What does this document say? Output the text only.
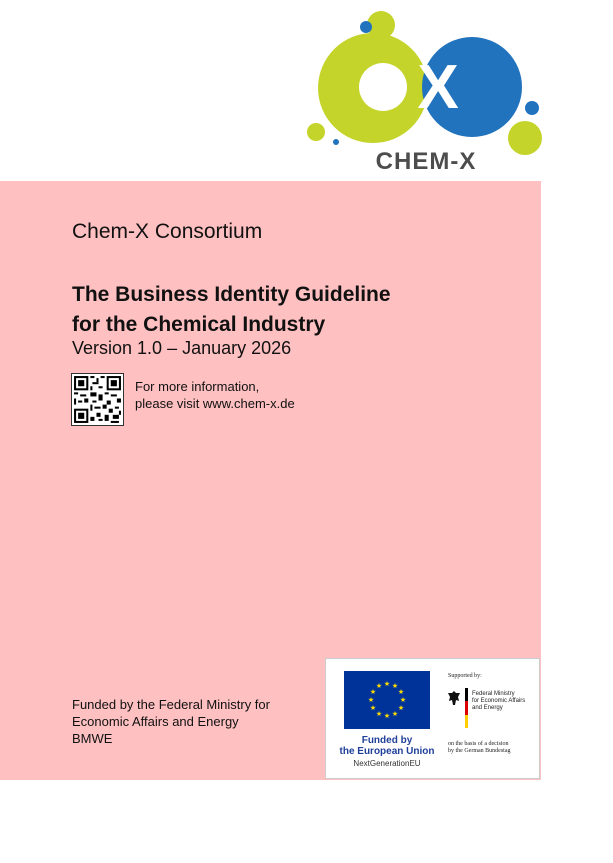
X
CHEM-X
Chem-X Consortium
The Business Identity Guideline
for the Chemical Industry
Version 1.0 – January 2026
For more information,
please visit www.chem-x.de
Funded by the Federal Ministry for
Economic Affairs and Energy
BMWE
★ ★
★
★
★
★
★
★
★
★
★
★
Funded by
the European Union
NextGenerationEU
Supported by:
Federal Ministry
for Economic Affairs
and Energy
on the basis of a decision
by the German Bundestag
